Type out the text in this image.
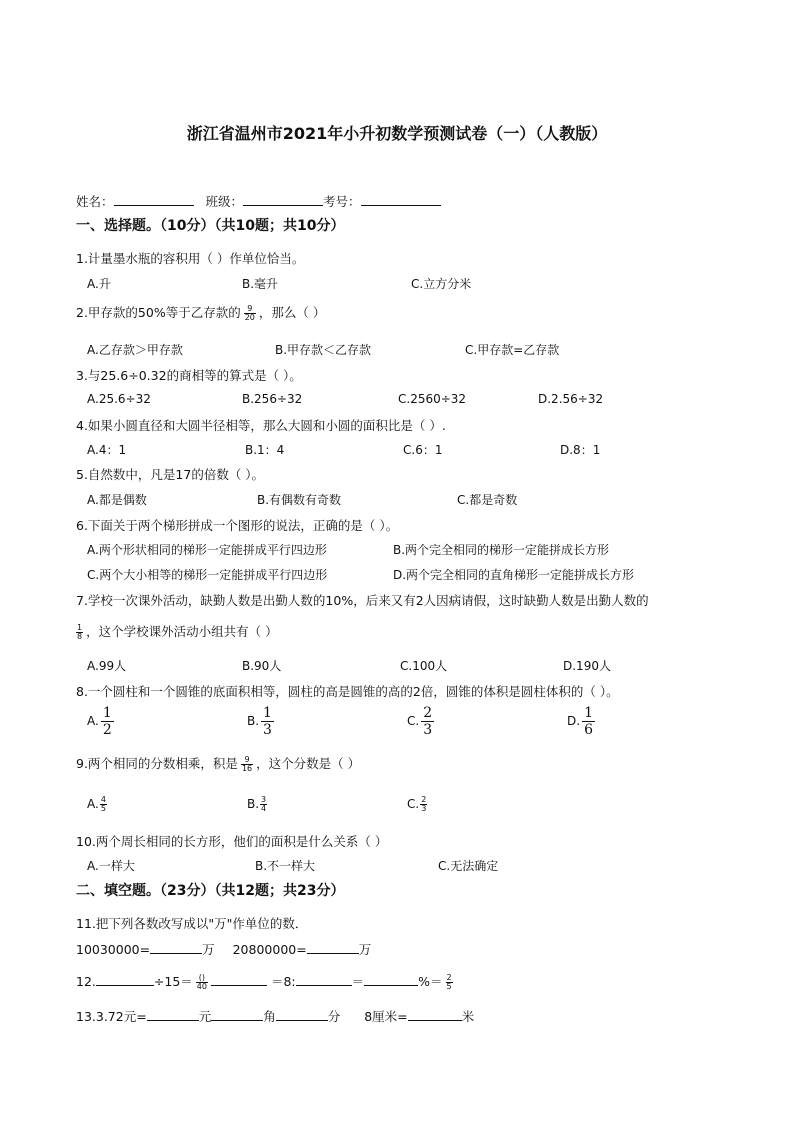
浙江省温州市2021年小升初数学预测试卷（一）（人教版）
姓名：	班级：	考号：
一、选择题。（10分）（共10题；共10分）
1.计量墨水瓶的容积用（ ）作单位恰当。
A.升	B.毫升	C.立方分米
2.甲存款的50%等于乙存款的 $\frac{9}{20}$ ，那么（ ）
A.乙存款＞甲存款	B.甲存款＜乙存款	C.甲存款=乙存款
3.与25.6÷0.32的商相等的算式是（ ）。
A.25.6÷32	B.256÷32	C.2560÷32	D.2.56÷32
4.如果小圆直径和大圆半径相等，那么大圆和小圆的面积比是（ ）.
A.4：1	B.1：4	C.6：1	D.8：1
5.自然数中，凡是17的倍数（ ）。
A.都是偶数	B.有偶数有奇数	C.都是奇数
6.下面关于两个梯形拼成一个图形的说法，正确的是（ ）。
A.两个形状相同的梯形一定能拼成平行四边形	B.两个完全相同的梯形一定能拼成长方形
C.两个大小相等的梯形一定能拼成平行四边形	D.两个完全相同的直角梯形一定能拼成长方形
7.学校一次课外活动，缺勤人数是出勤人数的10%，后来又有2人因病请假，这时缺勤人数是出勤人数的
$\frac{1}{8}$ ，这个学校课外活动小组共有（ ）
A.99人	B.90人	C.100人	D.190人
8.一个圆柱和一个圆锥的底面积相等，圆柱的高是圆锥的高的2倍，圆锥的体积是圆柱体积的（ ）。
A. $\frac{1}{2}$	B. $\frac{1}{3}$	C. $\frac{2}{3}$	D. $\frac{1}{6}$
9.两个相同的分数相乘，积是 $\frac{9}{16}$ ，这个分数是（ ）
A. $\frac{4}{5}$	B. $\frac{3}{4}$	C. $\frac{2}{3}$
10.两个周长相同的长方形，他们的面积是什么关系（ ）
A.一样大	B.不一样大	C.无法确定
二、填空题。（23分）（共12题；共23分）
11.把下列各数改写成以"万"作单位的数．
10030000=	万 20800000=	万
12.	$\div 15= \frac{()}{40}$	＝8:	＝	%＝ $\frac{2}{5}$
13.3.72元=	元	角	分 8厘米=	米
